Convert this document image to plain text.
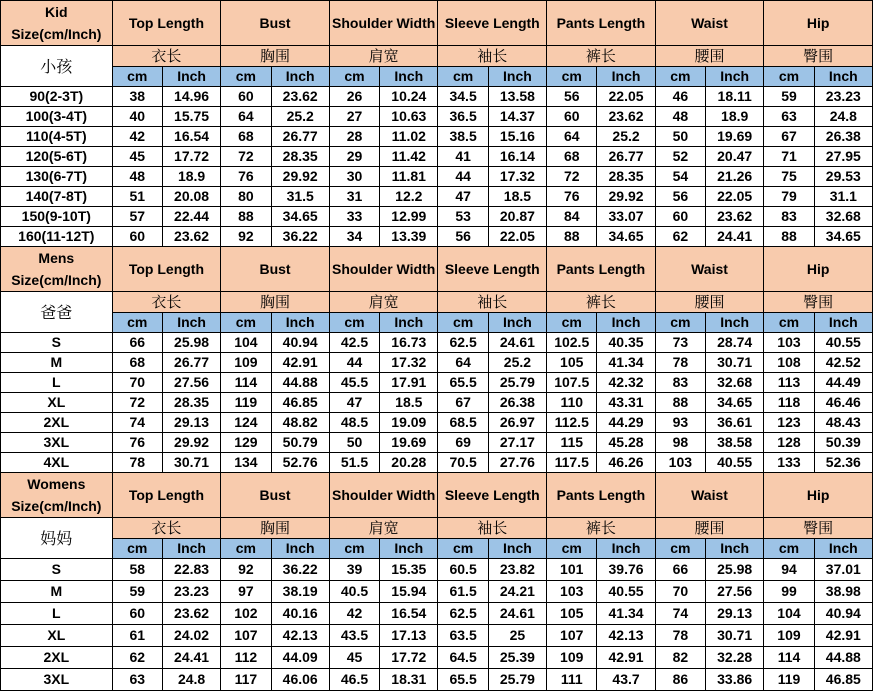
Kid
Size(cm/Inch)	Top Length		Bust		Shoulder Width		Sleeve Length		Pants Length		Waist		Hip	
小孩	衣长		胸围		肩宽		袖长		裤长		腰围		臀围	
	cm	Inch	cm	Inch	cm	Inch	cm	Inch	cm	Inch	cm	Inch	cm	Inch
90(2-3T)	38	14.96	60	23.62	26	10.24	34.5	13.58	56	22.05	46	18.11	59	23.23
100(3-4T)	40	15.75	64	25.2	27	10.63	36.5	14.37	60	23.62	48	18.9	63	24.8
110(4-5T)	42	16.54	68	26.77	28	11.02	38.5	15.16	64	25.2	50	19.69	67	26.38
120(5-6T)	45	17.72	72	28.35	29	11.42	41	16.14	68	26.77	52	20.47	71	27.95
130(6-7T)	48	18.9	76	29.92	30	11.81	44	17.32	72	28.35	54	21.26	75	29.53
140(7-8T)	51	20.08	80	31.5	31	12.2	47	18.5	76	29.92	56	22.05	79	31.1
150(9-10T)	57	22.44	88	34.65	33	12.99	53	20.87	84	33.07	60	23.62	83	32.68
160(11-12T)	60	23.62	92	36.22	34	13.39	56	22.05	88	34.65	62	24.41	88	34.65

Mens
Size(cm/Inch)	Top Length		Bust		Shoulder Width		Sleeve Length		Pants Length		Waist		Hip	
爸爸	衣长		胸围		肩宽		袖长		裤长		腰围		臀围	
	cm	Inch	cm	Inch	cm	Inch	cm	Inch	cm	Inch	cm	Inch	cm	Inch
S	66	25.98	104	40.94	42.5	16.73	62.5	24.61	102.5	40.35	73	28.74	103	40.55
M	68	26.77	109	42.91	44	17.32	64	25.2	105	41.34	78	30.71	108	42.52
L	70	27.56	114	44.88	45.5	17.91	65.5	25.79	107.5	42.32	83	32.68	113	44.49
XL	72	28.35	119	46.85	47	18.5	67	26.38	110	43.31	88	34.65	118	46.46
2XL	74	29.13	124	48.82	48.5	19.09	68.5	26.97	112.5	44.29	93	36.61	123	48.43
3XL	76	29.92	129	50.79	50	19.69	69	27.17	115	45.28	98	38.58	128	50.39
4XL	78	30.71	134	52.76	51.5	20.28	70.5	27.76	117.5	46.26	103	40.55	133	52.36

Womens
Size(cm/Inch)	Top Length		Bust		Shoulder Width		Sleeve Length		Pants Length		Waist		Hip	
妈妈	衣长		胸围		肩宽		袖长		裤长		腰围		臀围	
	cm	Inch	cm	Inch	cm	Inch	cm	Inch	cm	Inch	cm	Inch	cm	Inch
S	58	22.83	92	36.22	39	15.35	60.5	23.82	101	39.76	66	25.98	94	37.01
M	59	23.23	97	38.19	40.5	15.94	61.5	24.21	103	40.55	70	27.56	99	38.98
L	60	23.62	102	40.16	42	16.54	62.5	24.61	105	41.34	74	29.13	104	40.94
XL	61	24.02	107	42.13	43.5	17.13	63.5	25	107	42.13	78	30.71	109	42.91
2XL	62	24.41	112	44.09	45	17.72	64.5	25.39	109	42.91	82	32.28	114	44.88
3XL	63	24.8	117	46.06	46.5	18.31	65.5	25.79	111	43.7	86	33.86	119	46.85
